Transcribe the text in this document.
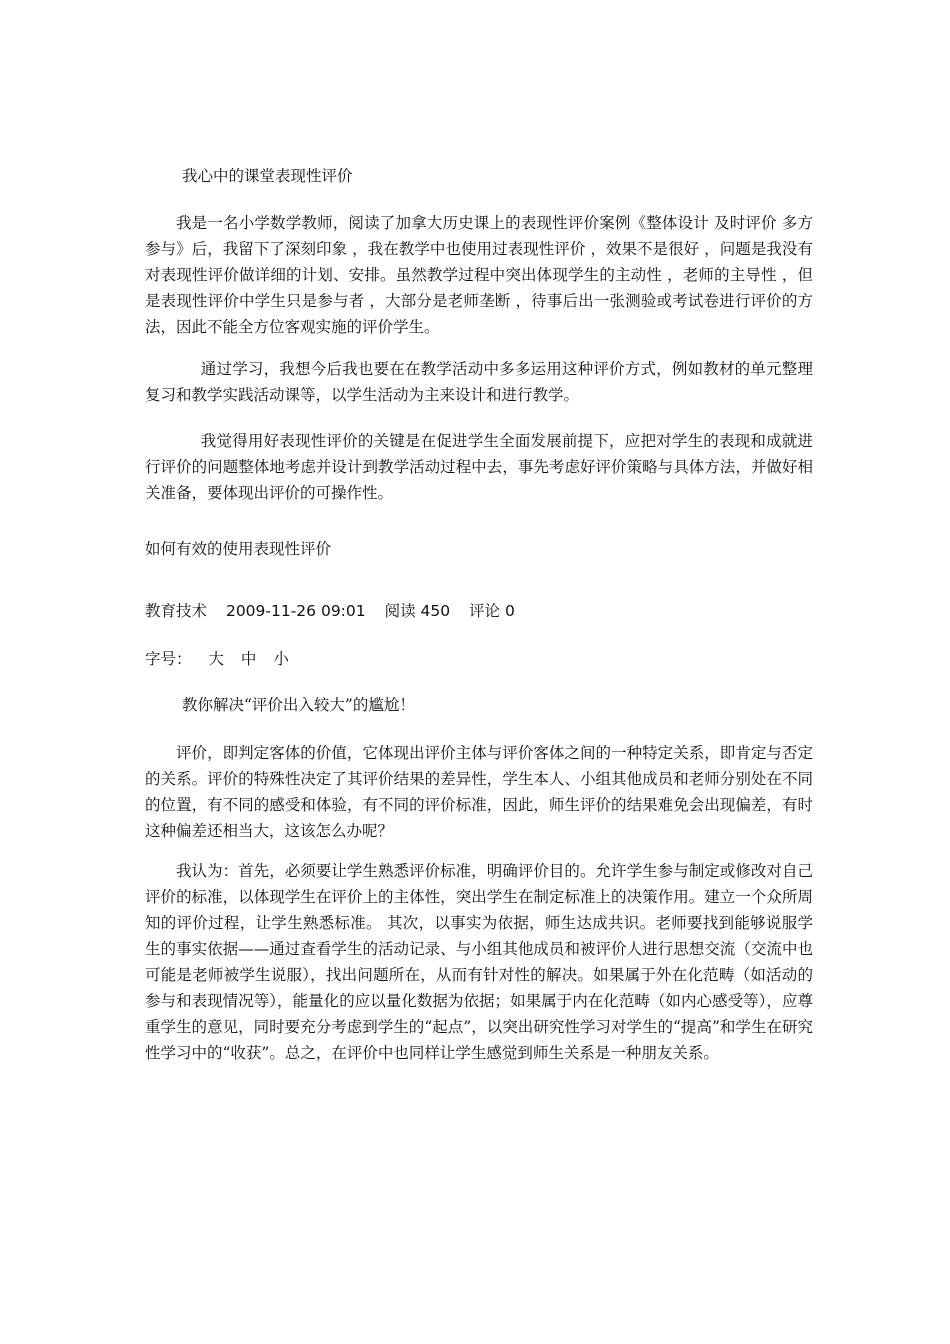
我心中的课堂表现性评价

我是一名小学数学教师，阅读了加拿大历史课上的表现性评价案例《整体设计 及时评价 多方参与》后，我留下了深刻印象 ，我在教学中也使用过表现性评价 ，效果不是很好 ，问题是我没有对表现性评价做详细的计划、安排。虽然教学过程中突出体现学生的主动性 ，老师的主导性 ，但是表现性评价中学生只是参与者 ，大部分是老师垄断 ，待事后出一张测验或考试卷进行评价的方法，因此不能全方位客观实施的评价学生。

通过学习，我想今后我也要在在教学活动中多多运用这种评价方式，例如教材的单元整理复习和教学实践活动课等，以学生活动为主来设计和进行教学。

我觉得用好表现性评价的关键是在促进学生全面发展前提下，应把对学生的表现和成就进行评价的问题整体地考虑并设计到教学活动过程中去，事先考虑好评价策略与具体方法，并做好相关准备，要体现出评价的可操作性。

如何有效的使用表现性评价

教育技术 2009-11-26 09:01 阅读 450 评论 0

字号： 大 中 小

教你解决“评价出入较大”的尴尬！

评价，即判定客体的价值，它体现出评价主体与评价客体之间的一种特定关系，即肯定与否定的关系。评价的特殊性决定了其评价结果的差异性，学生本人、小组其他成员和老师分别处在不同的位置，有不同的感受和体验，有不同的评价标准，因此，师生评价的结果难免会出现偏差，有时这种偏差还相当大，这该怎么办呢？

我认为：首先，必须要让学生熟悉评价标准，明确评价目的。允许学生参与制定或修改对自己评价的标准，以体现学生在评价上的主体性，突出学生在制定标准上的决策作用。建立一个众所周知的评价过程，让学生熟悉标准。 其次，以事实为依据，师生达成共识。老师要找到能够说服学生的事实依据——通过查看学生的活动记录、与小组其他成员和被评价人进行思想交流（交流中也可能是老师被学生说服），找出问题所在，从而有针对性的解决。如果属于外在化范畴（如活动的参与和表现情况等），能量化的应以量化数据为依据；如果属于内在化范畴（如内心感受等），应尊重学生的意见，同时要充分考虑到学生的“起点”，以突出研究性学习对学生的“提高”和学生在研究性学习中的“收获”。总之，在评价中也同样让学生感觉到师生关系是一种朋友关系。
